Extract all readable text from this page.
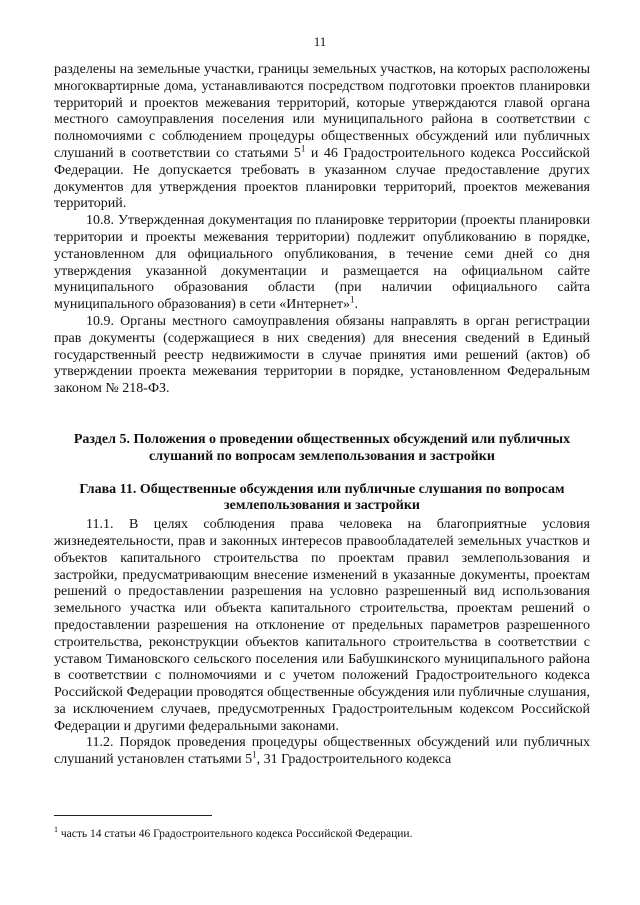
11

разделены на земельные участки, границы земельных участков, на которых расположены многоквартирные дома, устанавливаются посредством подготовки проектов планировки территорий и проектов межевания территорий, которые утверждаются главой органа местного самоуправления поселения или муниципального района в соответствии с полномочиями с соблюдением процедуры общественных обсуждений или публичных слушаний в соответствии со статьями $5^1$ и 46 Градостроительного кодекса Российской Федерации. Не допускается требовать в указанном случае предоставление других документов для утверждения проектов планировки территорий, проектов межевания территорий.

10.8. Утвержденная документация по планировке территории (проекты планировки территории и проекты межевания территории) подлежит опубликованию в порядке, установленном для официального опубликования, в течение семи дней со дня утверждения указанной документации и размещается на официальном сайте муниципального образования области (при наличии официального сайта муниципального образования) в сети «Интернет»$^1$.

10.9. Органы местного самоуправления обязаны направлять в орган регистрации прав документы (содержащиеся в них сведения) для внесения сведений в Единый государственный реестр недвижимости в случае принятия ими решений (актов) об утверждении проекта межевания территории в порядке, установленном Федеральным законом № 218-ФЗ.

Раздел 5. Положения о проведении общественных обсуждений или публичных слушаний по вопросам землепользования и застройки
Глава 11. Общественные обсуждения или публичные слушания по вопросам землепользования и застройки

11.1. В целях соблюдения права человека на благоприятные условия жизнедеятельности, прав и законных интересов правообладателей земельных участков и объектов капитального строительства по проектам правил землепользования и застройки, предусматривающим внесение изменений в указанные документы, проектам решений о предоставлении разрешения на условно разрешенный вид использования земельного участка или объекта капитального строительства, проектам решений о предоставлении разрешения на отклонение от предельных параметров разрешенного строительства, реконструкции объектов капитального строительства в соответствии с уставом Тимановского сельского поселения или Бабушкинского муниципального района в соответствии с полномочиями и с учетом положений Градостроительного кодекса Российской Федерации проводятся общественные обсуждения или публичные слушания, за исключением случаев, предусмотренных Градостроительным кодексом Российской Федерации и другими федеральными законами.

11.2. Порядок проведения процедуры общественных обсуждений или публичных слушаний установлен статьями $5^1$, 31 Градостроительного кодекса

$^1$ часть 14 статьи 46 Градостроительного кодекса Российской Федерации.
